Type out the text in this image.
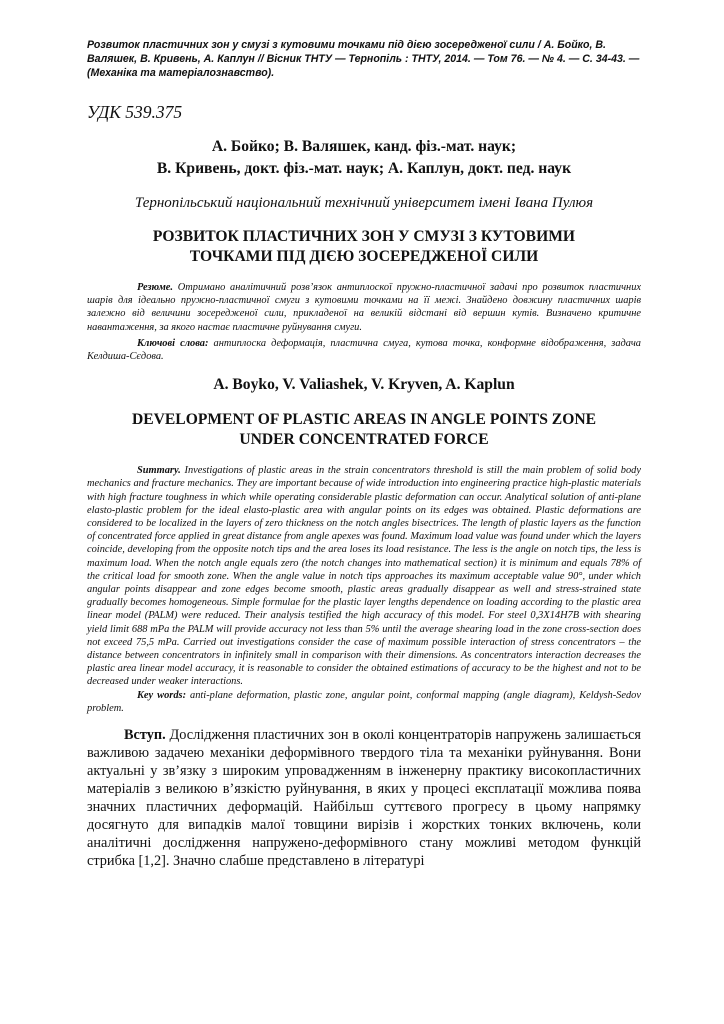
Розвиток пластичних зон у смузі з кутовими точками під дією зосередженої сили / А. Бойко, В. Валяшек, В. Кривень, А. Каплун // Вісник ТНТУ — Тернопіль : ТНТУ, 2014. — Том 76. — № 4. — С. 34-43. — (Механіка та матеріалознавство).

УДК 539.375

А. Бойко; В. Валяшек, канд. фіз.-мат. наук;
В. Кривень, докт. фіз.-мат. наук; А. Каплун, докт. пед. наук

Тернопільський національний технічний університет імені Івана Пулюя

РОЗВИТОК ПЛАСТИЧНИХ ЗОН У СМУЗІ З КУТОВИМИ
ТОЧКАМИ ПІД ДІЄЮ ЗОСЕРЕДЖЕНОЇ СИЛИ

Резюме. Отримано аналітичний розв’язок антиплоскої пружно-пластичної задачі про розвиток пластичних шарів для ідеально пружно-пластичної смуги з кутовими точками на її межі. Знайдено довжину пластичних шарів залежно від величини зосередженої сили, прикладеної на великій відстані від вершин кутів. Визначено критичне навантаження, за якого настає пластичне руйнування смуги.

Ключові слова: антиплоска деформація, пластична смуга, кутова точка, конформне відображення, задача Келдиша-Сєдова.

A. Boyko, V. Valiashek, V. Kryven, A. Kaplun

DEVELOPMENT OF PLASTIC AREAS IN ANGLE POINTS ZONE
UNDER CONCENTRATED FORCE

Summary. Investigations of plastic areas in the strain concentrators threshold is still the main problem of solid body mechanics and fracture mechanics. They are important because of wide introduction into engineering practice high-plastic materials with high fracture toughness in which while operating considerable plastic deformation can occur. Analytical solution of anti-plane elasto-plastic problem for the ideal elasto-plastic area with angular points on its edges was obtained. Plastic deformations are considered to be localized in the layers of zero thickness on the notch angles bisectrices. The length of plastic layers as the function of concentrated force applied in great distance from angle apexes was found. Maximum load value was found under which the layers coincide, developing from the opposite notch tips and the area loses its load resistance. The less is the angle on notch tips, the less is maximum load. When the notch angle equals zero (the notch changes into mathematical section) it is minimum and equals 78% of the critical load for smooth zone. When the angle value in notch tips approaches its maximum acceptable value 90°, under which angular points disappear and zone edges become smooth, plastic areas gradually disappear as well and stress-strained state gradually becomes homogeneous. Simple formulae for the plastic layer lengths dependence on loading according to the plastic area linear model (PALM) were reduced. Their analysis testified the high accuracy of this model. For steel 0,3Х14Н7В with shearing yield limit 688 mPa the PALM will provide accuracy not less than 5% until the average shearing load in the zone cross-section does not exceed 75,5 mPa. Carried out investigations consider the case of maximum possible interaction of stress concentrators – the distance between concentrators in infinitely small in comparison with their dimensions. As concentrators interaction decreases the plastic area linear model accuracy, it is reasonable to consider the obtained estimations of accuracy to be the highest and not to be decreased under weaker interactions.

Key words: anti-plane deformation, plastic zone, angular point, conformal mapping (angle diagram), Keldysh-Sedov problem.

Вступ. Дослідження пластичних зон в околі концентраторів напружень залишається важливою задачею механіки деформівного твердого тіла та механіки руйнування. Вони актуальні у зв’язку з широким упровадженням в інженерну практику високопластичних матеріалів з великою в’язкістю руйнування, в яких у процесі експлатації можлива поява значних пластичних деформацій. Найбільш суттєвого прогресу в цьому напрямку досягнуто для випадків малої товщини вирізів і жорстких тонких включень, коли аналітичні дослідження напружено-деформівного стану можливі методом функцій стрибка [1,2]. Значно слабше представлено в літературі
